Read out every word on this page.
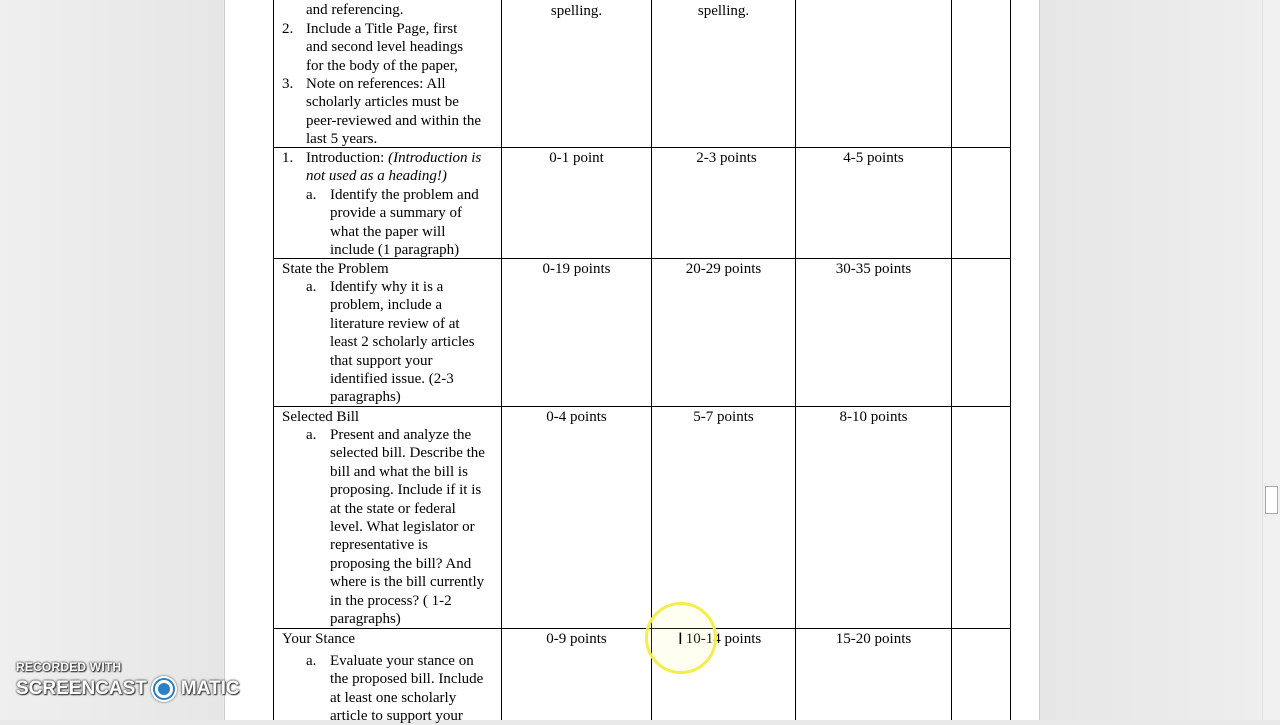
and referencing.
2. Include a Title Page, first
and second level headings
for the body of the paper,
3. Note on references: All
scholarly articles must be
peer-reviewed and within the
last 5 years.
spelling.	spelling.
1. Introduction: (Introduction is
not used as a heading!)
a. Identify the problem and
provide a summary of
what the paper will
include (1 paragraph)
0-1 point	2-3 points	4-5 points
State the Problem
a. Identify why it is a
problem, include a
literature review of at
least 2 scholarly articles
that support your
identified issue. (2-3
paragraphs)
0-19 points	20-29 points	30-35 points
Selected Bill
a. Present and analyze the
selected bill. Describe the
bill and what the bill is
proposing. Include if it is
at the state or federal
level. What legislator or
representative is
proposing the bill? And
where is the bill currently
in the process? ( 1-2
paragraphs)
0-4 points	5-7 points	8-10 points
Your Stance
a. Evaluate your stance on
the proposed bill. Include
at least one scholarly
article to support your
0-9 points	10-14 points	15-20 points
I
RECORDED WITH
SCREENCAST MATIC
